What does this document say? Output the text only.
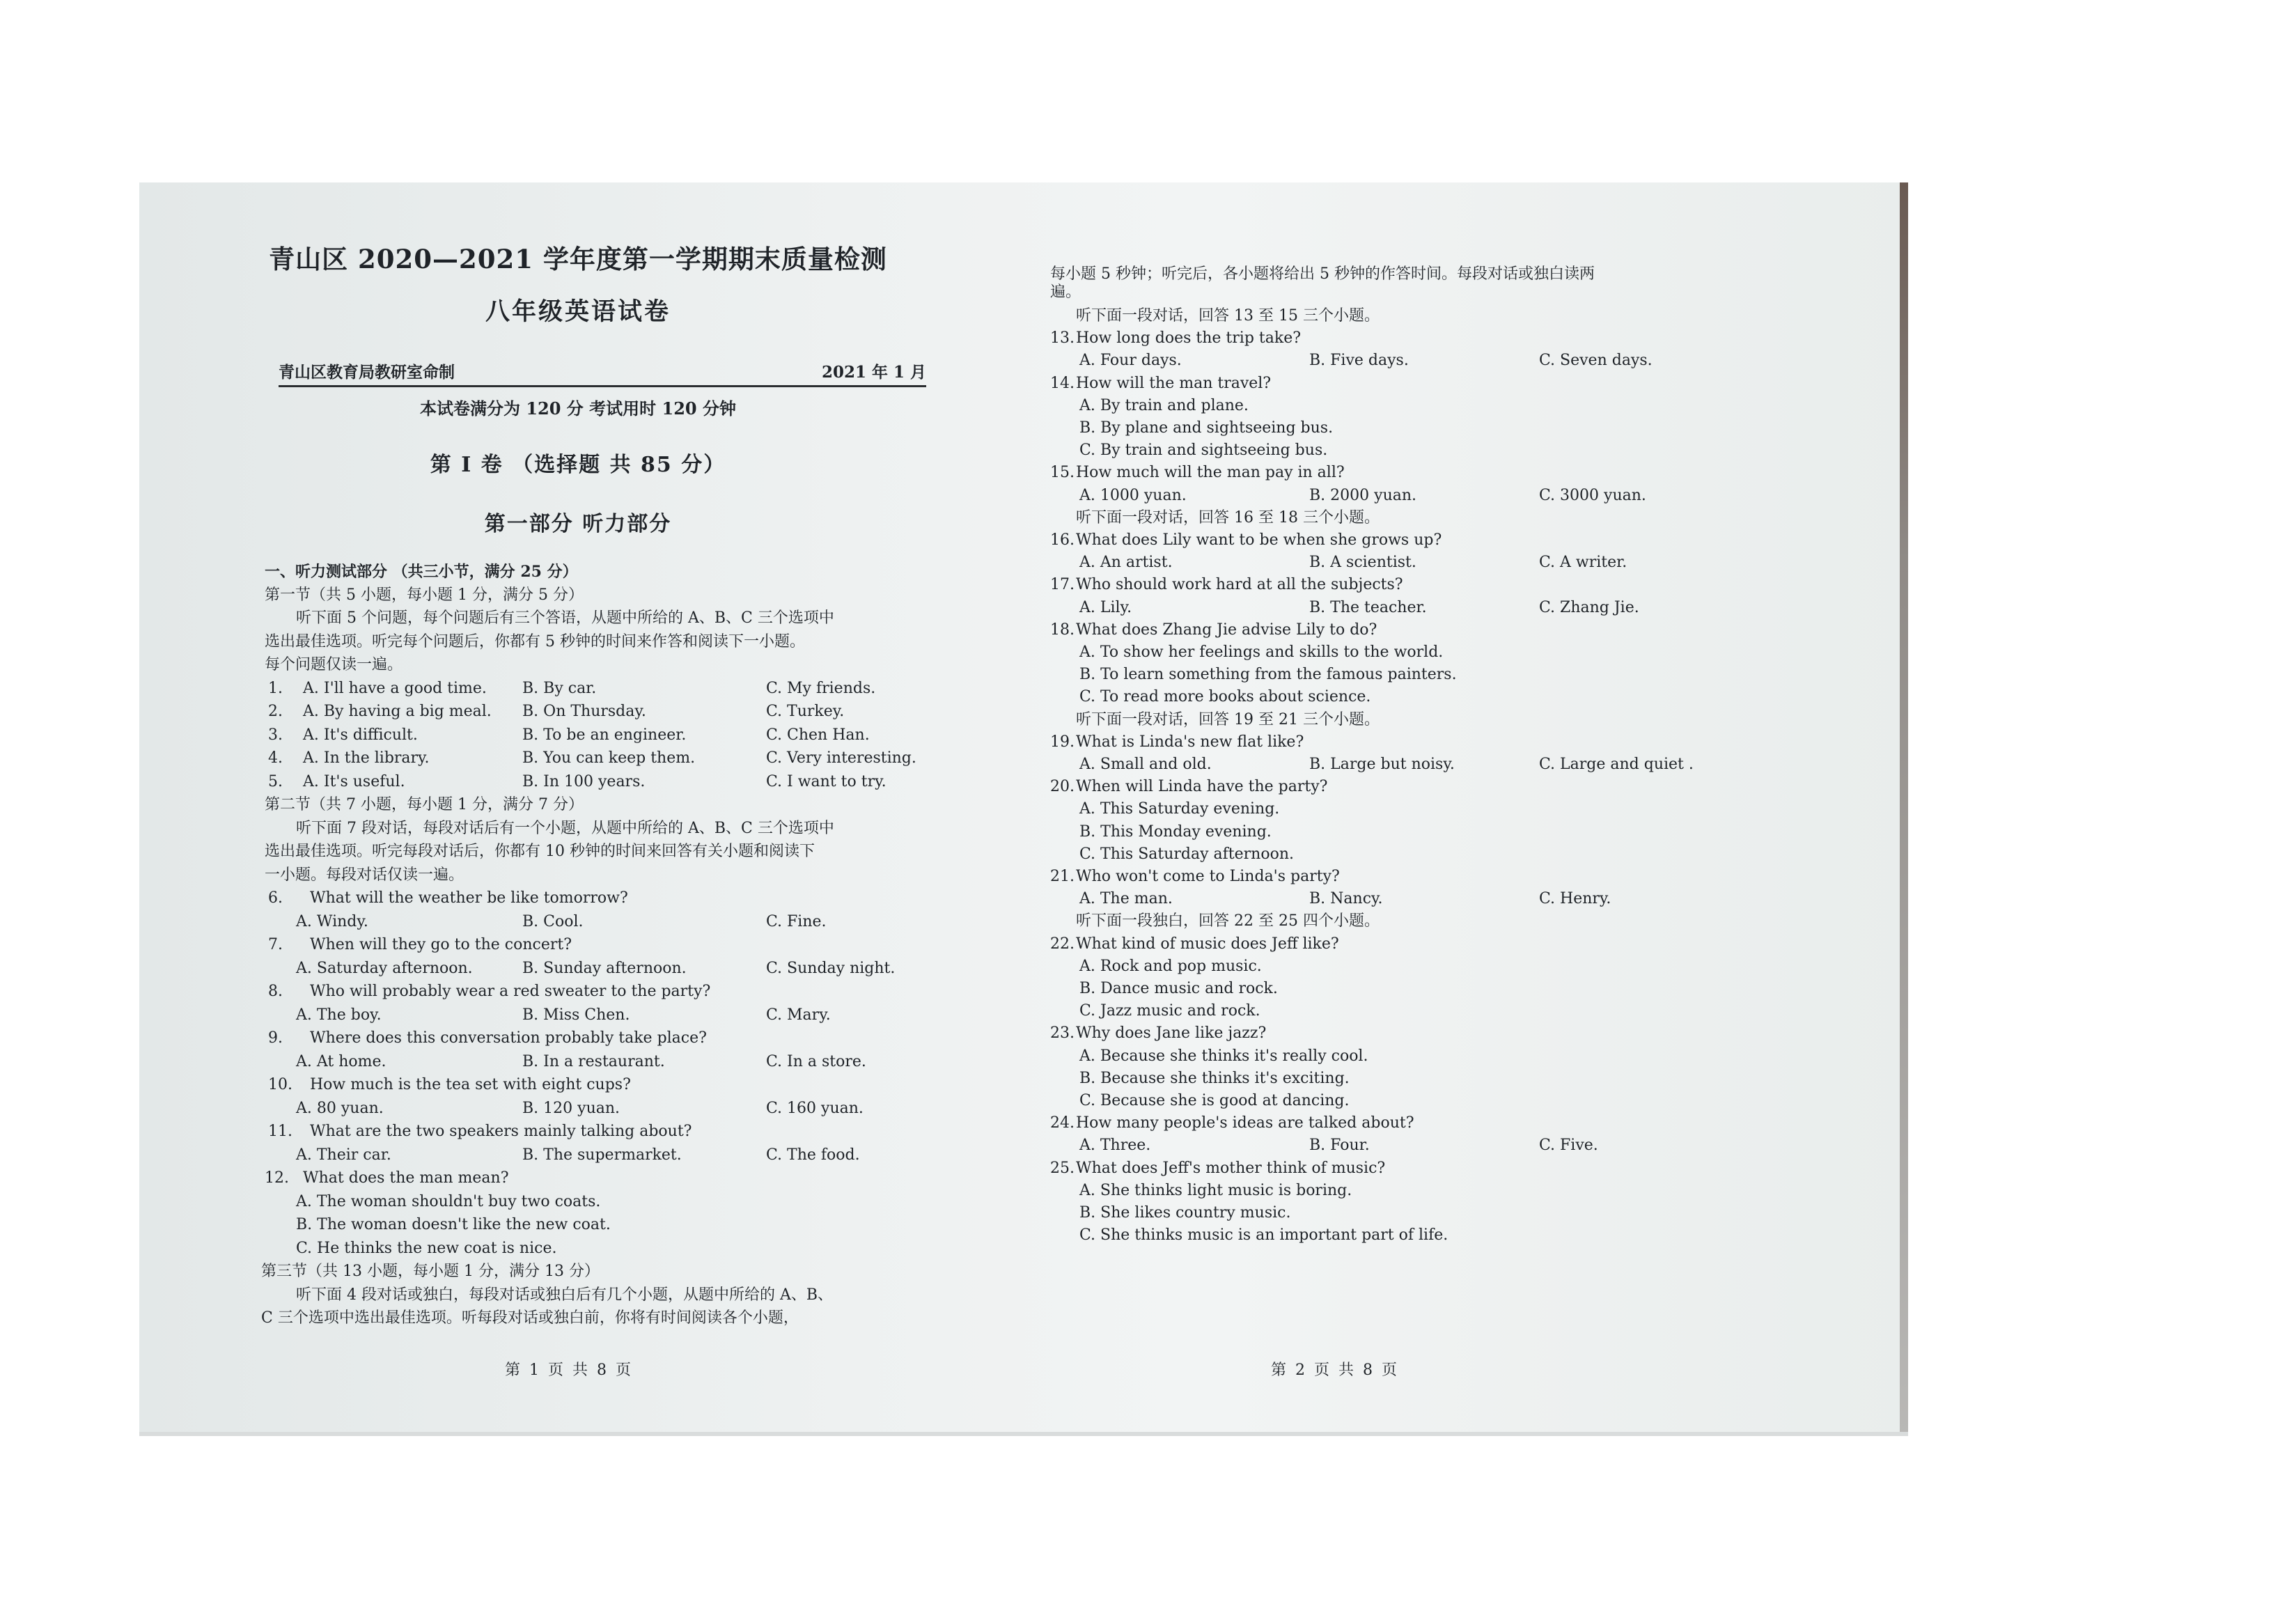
青山区 2020—2021 学年度第一学期期末质量检测
八年级英语试卷
青山区教育局教研室命制	2021 年 1 月
本试卷满分为 120 分 考试用时 120 分钟
第 I 卷 （选择题 共 85 分）
第一部分 听力部分
一、听力测试部分 （共三小节，满分 25 分）
第一节（共 5 小题，每小题 1 分，满分 5 分）
听下面 5 个问题，每个问题后有三个答语，从题中所给的 A、B、C 三个选项中
选出最佳选项。听完每个问题后，你都有 5 秒钟的时间来作答和阅读下一小题。
每个问题仅读一遍。
1. A. I'll have a good time. B. By car.	C. My friends.
2. A. By having a big meal. B. On Thursday.	C. Turkey.
3. A. It's difficult.	B. To be an engineer.	C. Chen Han.
4. A. In the library.	B. You can keep them.	C. Very interesting.
5. A. It's useful.	B. In 100 years.	C. I want to try.
第二节（共 7 小题，每小题 1 分，满分 7 分）
听下面 7 段对话，每段对话后有一个小题，从题中所给的 A、B、C 三个选项中
选出最佳选项。听完每段对话后，你都有 10 秒钟的时间来回答有关小题和阅读下
一小题。每段对话仅读一遍。
6. What will the weather be like tomorrow?
A. Windy.	B. Cool.	C. Fine.
7. When will they go to the concert?
A. Saturday afternoon.	B. Sunday afternoon.	C. Sunday night.
8. Who will probably wear a red sweater to the party?
A. The boy.	B. Miss Chen.	C. Mary.
9. Where does this conversation probably take place?
A. At home.	B. In a restaurant.	C. In a store.
10. How much is the tea set with eight cups?
A. 80 yuan.	B. 120 yuan.	C. 160 yuan.
11. What are the two speakers mainly talking about?
A. Their car.	B. The supermarket.	C. The food.
12. What does the man mean?
A. The woman shouldn't buy two coats.
B. The woman doesn't like the new coat.
C. He thinks the new coat is nice.
第三节（共 13 小题，每小题 1 分，满分 13 分）
听下面 4 段对话或独白，每段对话或独白后有几个小题，从题中所给的 A、B、
C 三个选项中选出最佳选项。听每段对话或独白前，你将有时间阅读各个小题，
第 1 页 共 8 页
每小题 5 秒钟；听完后，各小题将给出 5 秒钟的作答时间。每段对话或独白读两
遍。
听下面一段对话，回答 13 至 15 三个小题。
13. How long does the trip take?
A. Four days.	B. Five days.	C. Seven days.
14. How will the man travel?
A. By train and plane.
B. By plane and sightseeing bus.
C. By train and sightseeing bus.
15. How much will the man pay in all?
A. 1000 yuan.	B. 2000 yuan.	C. 3000 yuan.
听下面一段对话，回答 16 至 18 三个小题。
16. What does Lily want to be when she grows up?
A. An artist.	B. A scientist.	C. A writer.
17. Who should work hard at all the subjects?
A. Lily.	B. The teacher.	C. Zhang Jie.
18. What does Zhang Jie advise Lily to do?
A. To show her feelings and skills to the world.
B. To learn something from the famous painters.
C. To read more books about science.
听下面一段对话，回答 19 至 21 三个小题。
19. What is Linda's new flat like?
A. Small and old.	B. Large but noisy.	C. Large and quiet .
20. When will Linda have the party?
A. This Saturday evening.
B. This Monday evening.
C. This Saturday afternoon.
21. Who won't come to Linda's party?
A. The man.	B. Nancy.	C. Henry.
听下面一段独白，回答 22 至 25 四个小题。
22. What kind of music does Jeff like?
A. Rock and pop music.
B. Dance music and rock.
C. Jazz music and rock.
23. Why does Jane like jazz?
A. Because she thinks it's really cool.
B. Because she thinks it's exciting.
C. Because she is good at dancing.
24. How many people's ideas are talked about?
A. Three.	B. Four.	C. Five.
25. What does Jeff's mother think of music?
A. She thinks light music is boring.
B. She likes country music.
C. She thinks music is an important part of life.
第 2 页 共 8 页
